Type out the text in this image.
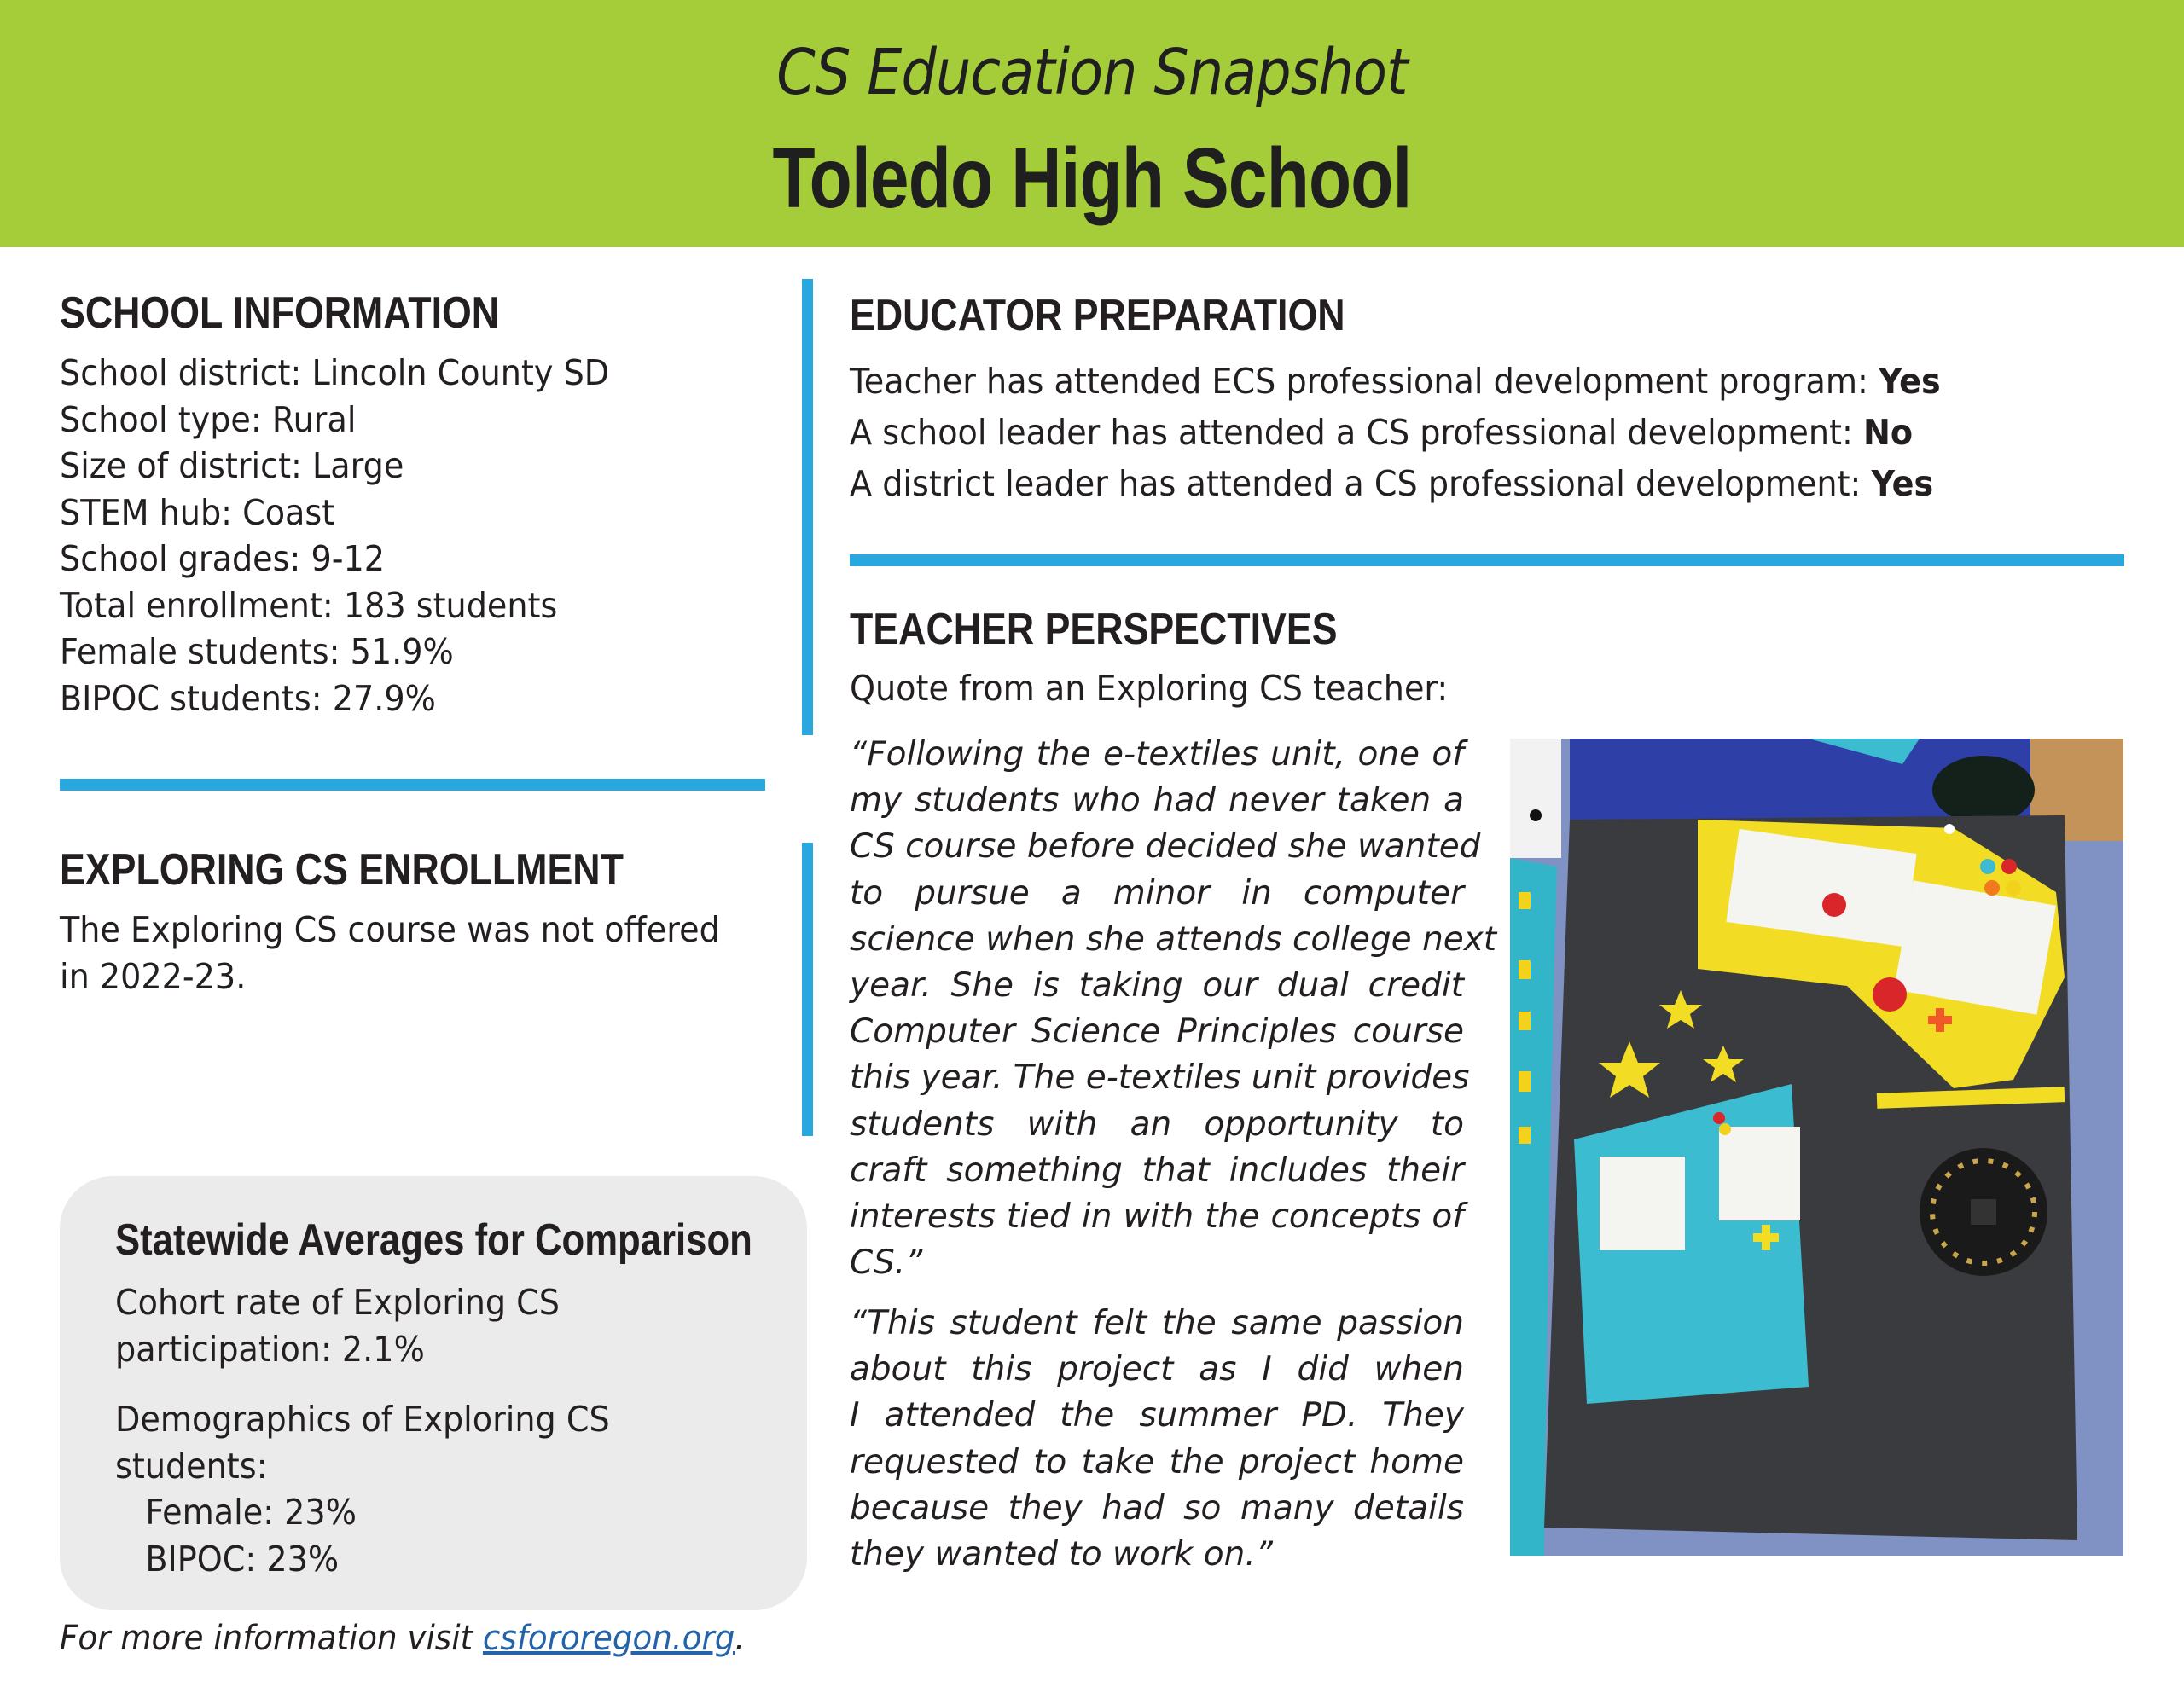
CS Education Snapshot
Toledo High School
SCHOOL INFORMATION
School district: Lincoln County SD
School type: Rural
Size of district: Large
STEM hub: Coast
School grades: 9-12
Total enrollment: 183 students
Female students: 51.9%
BIPOC students: 27.9%
EXPLORING CS ENROLLMENT
The Exploring CS course was not offered
in 2022-23.
EDUCATOR PREPARATION
Teacher has attended ECS professional development program: Yes
A school leader has attended a CS professional development: No
A district leader has attended a CS professional development: Yes
TEACHER PERSPECTIVES
Quote from an Exploring CS teacher:
“Following the e-textiles unit, one of
my students who had never taken a
CS course before decided she wanted
to pursue a minor in computer
science when she attends college next
year. She is taking our dual credit
Computer Science Principles course
this year. The e-textiles unit provides
students with an opportunity to
craft something that includes their
interests tied in with the concepts of
CS.”
“This student felt the same passion
about this project as I did when
I attended the summer PD. They
requested to take the project home
because they had so many details
they wanted to work on.”
Statewide Averages for Comparison
Cohort rate of Exploring CS
participation: 2.1%
Demographics of Exploring CS
students:
Female: 23%
BIPOC: 23%
For more information visit csfororegon.org.
